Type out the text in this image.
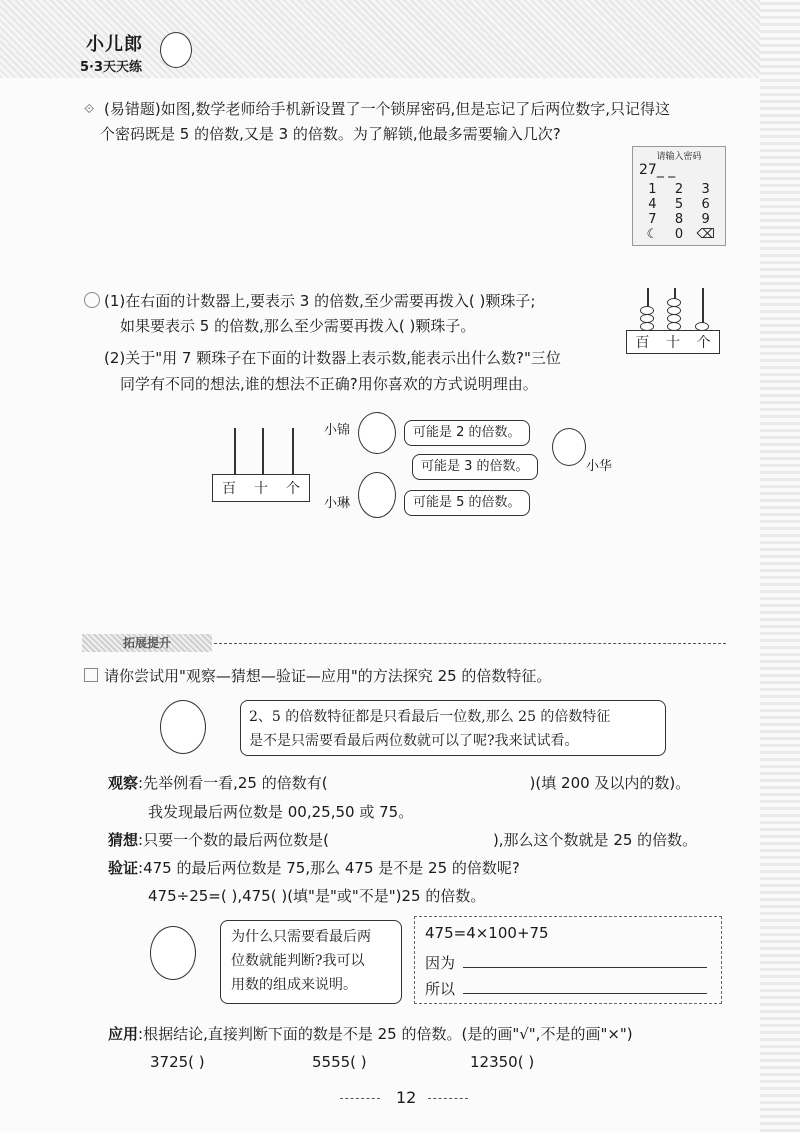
小儿郎
5·3天天练
⟐ (易错题)如图,数学老师给手机新设置了一个锁屏密码,但是忘记了后两位数字,只记得这
个密码既是 5 的倍数,又是 3 的倍数。为了解锁,他最多需要输入几次?
请输入密码
27_ _
1	2	3
4	5	6
7	8	9
☾	0	⌫
(1)在右面的计数器上,要表示 3 的倍数,至少需要再拨入( )颗珠子;
如果要表示 5 的倍数,那么至少需要再拨入( )颗珠子。
(2)关于"用 7 颗珠子在下面的计数器上表示数,能表示出什么数?"三位
同学有不同的想法,谁的想法不正确?用你喜欢的方式说明理由。
百 十 个
百 十 个
小锦	可能是 2 的倍数。
可能是 3 的倍数。	小华
小琳	可能是 5 的倍数。
拓展提升
请你尝试用"观察—猜想—验证—应用"的方法探究 25 的倍数特征。
2、5 的倍数特征都是只看最后一位数,那么 25 的倍数特征
是不是只需要看最后两位数就可以了呢?我来试试看。
观察:先举例看一看,25 的倍数有(	)(填 200 及以内的数)。
我发现最后两位数是 00,25,50 或 75。
猜想:只要一个数的最后两位数是(	),那么这个数就是 25 的倍数。
验证:475 的最后两位数是 75,那么 475 是不是 25 的倍数呢?
475÷25=( ),475( )(填"是"或"不是")25 的倍数。
为什么只需要看最后两
位数就能判断?我可以
用数的组成来说明。
475=4×100+75
因为
所以
应用:根据结论,直接判断下面的数是不是 25 的倍数。(是的画"√",不是的画"×")
3725( )	5555( )	12350( )
12
